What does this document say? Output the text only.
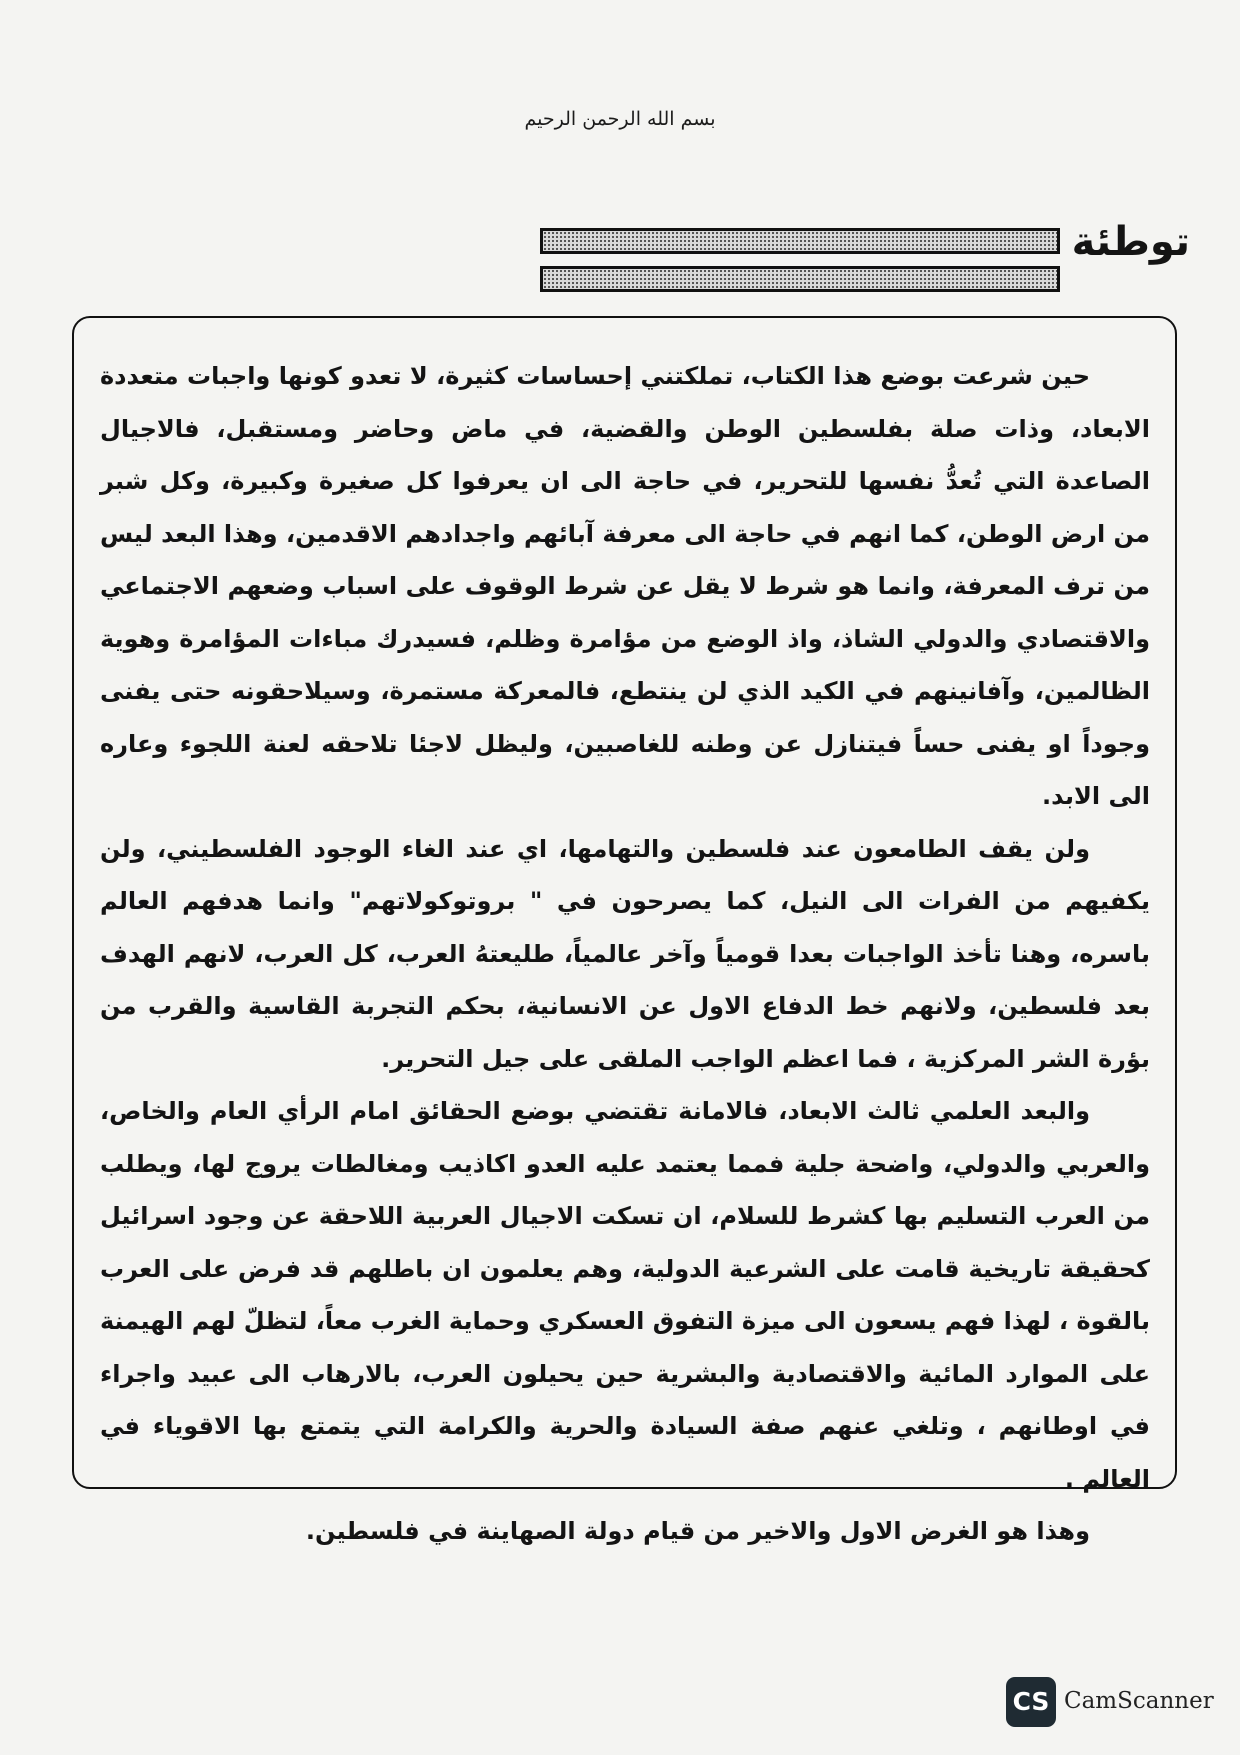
بسم الله الرحمن الرحيم
توطئة

حين شرعت بوضع هذا الكتاب، تملكتني إحساسات كثيرة، لا تعدو كونها واجبات متعددة الابعاد، وذات صلة بفلسطين الوطن والقضية، في ماض وحاضر ومستقبل، فالاجيال الصاعدة التي تُعدُّ نفسها للتحرير، في حاجة الى ان يعرفوا كل صغيرة وكبيرة، وكل شبر من ارض الوطن، كما انهم في حاجة الى معرفة آبائهم واجدادهم الاقدمين، وهذا البعد ليس من ترف المعرفة، وانما هو شرط لا يقل عن شرط الوقوف على اسباب وضعهم الاجتماعي والاقتصادي والدولي الشاذ، واذ الوضع من مؤامرة وظلم، فسيدرك مباءات المؤامرة وهوية الظالمين، وآفانينهم في الكيد الذي لن ينتطع، فالمعركة مستمرة، وسيلاحقونه حتى يفنى وجوداً او يفنى حساً فيتنازل عن وطنه للغاصبين، وليظل لاجئا تلاحقه لعنة اللجوء وعاره الى الابد.

ولن يقف الطامعون عند فلسطين والتهامها، اي عند الغاء الوجود الفلسطيني، ولن يكفيهم من الفرات الى النيل، كما يصرحون في " بروتوكولاتهم" وانما هدفهم العالم باسره، وهنا تأخذ الواجبات بعدا قومياً وآخر عالمياً، طليعتهُ العرب، كل العرب، لانهم الهدف بعد فلسطين، ولانهم خط الدفاع الاول عن الانسانية، بحكم التجربة القاسية والقرب من بؤرة الشر المركزية ، فما اعظم الواجب الملقى على جيل التحرير.

والبعد العلمي ثالث الابعاد، فالامانة تقتضي بوضع الحقائق امام الرأي العام والخاص، والعربي والدولي، واضحة جلية فمما يعتمد عليه العدو اكاذيب ومغالطات يروج لها، ويطلب من العرب التسليم بها كشرط للسلام، ان تسكت الاجيال العربية اللاحقة عن وجود اسرائيل كحقيقة تاريخية قامت على الشرعية الدولية، وهم يعلمون ان باطلهم قد فرض على العرب بالقوة ، لهذا فهم يسعون الى ميزة التفوق العسكري وحماية الغرب معاً، لتظلّ لهم الهيمنة على الموارد المائية والاقتصادية والبشرية حين يحيلون العرب، بالارهاب الى عبيد واجراء في اوطانهم ، وتلغي عنهم صفة السيادة والحرية والكرامة التي يتمتع بها الاقوياء في العالم .

وهذا هو الغرض الاول والاخير من قيام دولة الصهاينة في فلسطين.

CS CamScanner
